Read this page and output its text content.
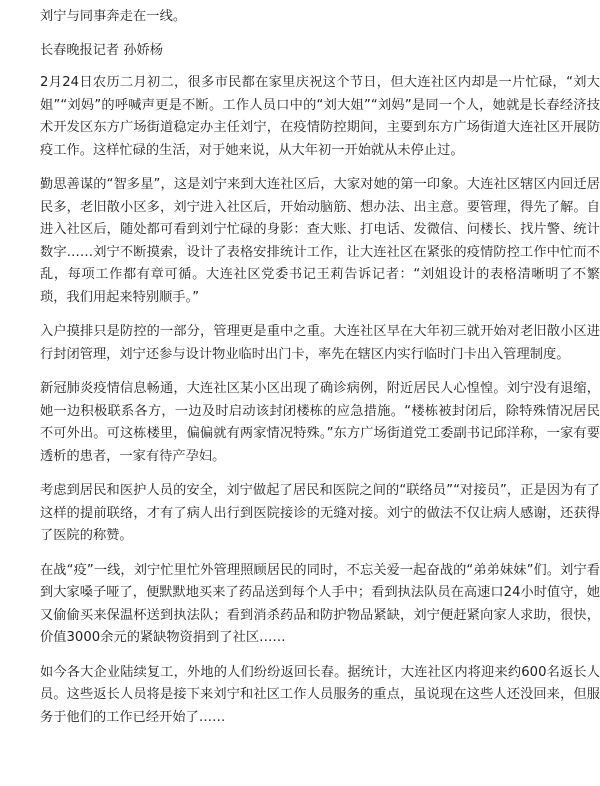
刘宁与同事奔走在一线。

长春晚报记者 孙娇杨

2月24日农历二月初二，很多市民都在家里庆祝这个节日，但大连社区内却是一片忙碌，“刘大姐”“刘妈”的呼喊声更是不断。工作人员口中的“刘大姐”“刘妈”是同一个人，她就是长春经济技术开发区东方广场街道稳定办主任刘宁，在疫情防控期间，主要到东方广场街道大连社区开展防疫工作。这样忙碌的生活，对于她来说，从大年初一开始就从未停止过。

勤思善谋的“智多星”，这是刘宁来到大连社区后，大家对她的第一印象。大连社区辖区内回迁居民多，老旧散小区多，刘宁进入社区后，开始动脑筋、想办法、出主意。要管理，得先了解。自进入社区后，随处都可看到刘宁忙碌的身影：查大账、打电话、发微信、问楼长、找片警、统计数字……刘宁不断摸索，设计了表格安排统计工作，让大连社区在紧张的疫情防控工作中忙而不乱，每项工作都有章可循。大连社区党委书记王莉告诉记者：“刘姐设计的表格清晰明了不繁琐，我们用起来特别顺手。”

入户摸排只是防控的一部分，管理更是重中之重。大连社区早在大年初三就开始对老旧散小区进行封闭管理，刘宁还参与设计物业临时出门卡，率先在辖区内实行临时门卡出入管理制度。

新冠肺炎疫情信息畅通，大连社区某小区出现了确诊病例，附近居民人心惶惶。刘宁没有退缩，她一边积极联系各方，一边及时启动该封闭楼栋的应急措施。“楼栋被封闭后，除特殊情况居民不可外出。可这栋楼里，偏偏就有两家情况特殊。”东方广场街道党工委副书记邱洋称，一家有要透析的患者，一家有待产孕妇。

考虑到居民和医护人员的安全，刘宁做起了居民和医院之间的“联络员”“对接员”，正是因为有了这样的提前联络，才有了病人出行到医院接诊的无缝对接。刘宁的做法不仅让病人感谢，还获得了医院的称赞。

在战“疫”一线，刘宁忙里忙外管理照顾居民的同时，不忘关爱一起奋战的“弟弟妹妹”们。刘宁看到大家嗓子哑了，便默默地买来了药品送到每个人手中；看到执法队员在高速口24小时值守，她又偷偷买来保温杯送到执法队；看到消杀药品和防护物品紧缺，刘宁便赶紧向家人求助，很快，价值3000余元的紧缺物资捐到了社区……

如今各大企业陆续复工，外地的人们纷纷返回长春。据统计，大连社区内将迎来约600名返长人员。这些返长人员将是接下来刘宁和社区工作人员服务的重点，虽说现在这些人还没回来，但服务于他们的工作已经开始了……
